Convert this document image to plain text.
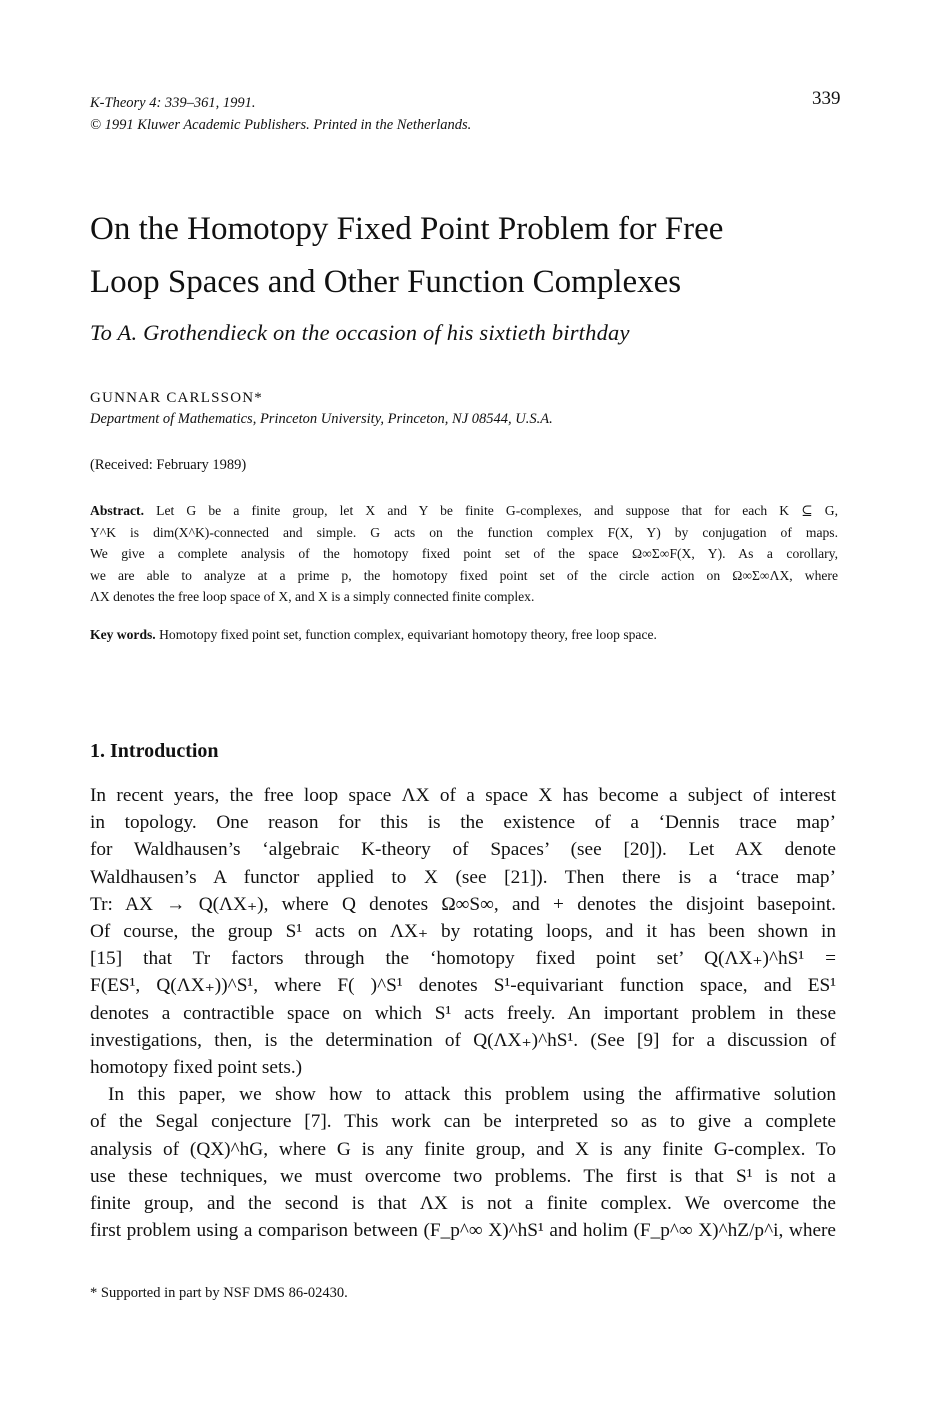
K-Theory 4: 339–361, 1991.
© 1991 Kluwer Academic Publishers. Printed in the Netherlands.
339
On the Homotopy Fixed Point Problem for Free
Loop Spaces and Other Function Complexes
To A. Grothendieck on the occasion of his sixtieth birthday
GUNNAR CARLSSON*
Department of Mathematics, Princeton University, Princeton, NJ 08544, U.S.A.
(Received: February 1989)
Abstract. Let G be a finite group, let X and Y be finite G-complexes, and suppose that for each K ⊆ G,
Y^K is dim(X^K)-connected and simple. G acts on the function complex F(X, Y) by conjugation of maps.
We give a complete analysis of the homotopy fixed point set of the space Ω∞Σ∞F(X, Y). As a corollary,
we are able to analyze at a prime p, the homotopy fixed point set of the circle action on Ω∞Σ∞ΛX, where
ΛX denotes the free loop space of X, and X is a simply connected finite complex.
Key words. Homotopy fixed point set, function complex, equivariant homotopy theory, free loop space.
1. Introduction

In recent years, the free loop space ΛX of a space X has become a subject of interest
in topology. One reason for this is the existence of a ‘Dennis trace map’
for Waldhausen’s ‘algebraic K-theory of Spaces’ (see [20]). Let AX denote
Waldhausen’s A functor applied to X (see [21]). Then there is a ‘trace map’
Tr: AX → Q(ΛX₊), where Q denotes Ω∞S∞, and + denotes the disjoint basepoint.
Of course, the group S¹ acts on ΛX₊ by rotating loops, and it has been shown in
[15] that Tr factors through the ‘homotopy fixed point set’ Q(ΛX₊)^hS¹ =
F(ES¹, Q(ΛX₊))^S¹, where F( )^S¹ denotes S¹-equivariant function space, and ES¹
denotes a contractible space on which S¹ acts freely. An important problem in these
investigations, then, is the determination of Q(ΛX₊)^hS¹. (See [9] for a discussion of
homotopy fixed point sets.)

In this paper, we show how to attack this problem using the affirmative solution
of the Segal conjecture [7]. This work can be interpreted so as to give a complete
analysis of (QX)^hG, where G is any finite group, and X is any finite G-complex. To
use these techniques, we must overcome two problems. The first is that S¹ is not a
finite group, and the second is that ΛX is not a finite complex. We overcome the
first problem using a comparison between (F_p^∞ X)^hS¹ and holim (F_p^∞ X)^hZ/p^i, where

* Supported in part by NSF DMS 86-02430.
